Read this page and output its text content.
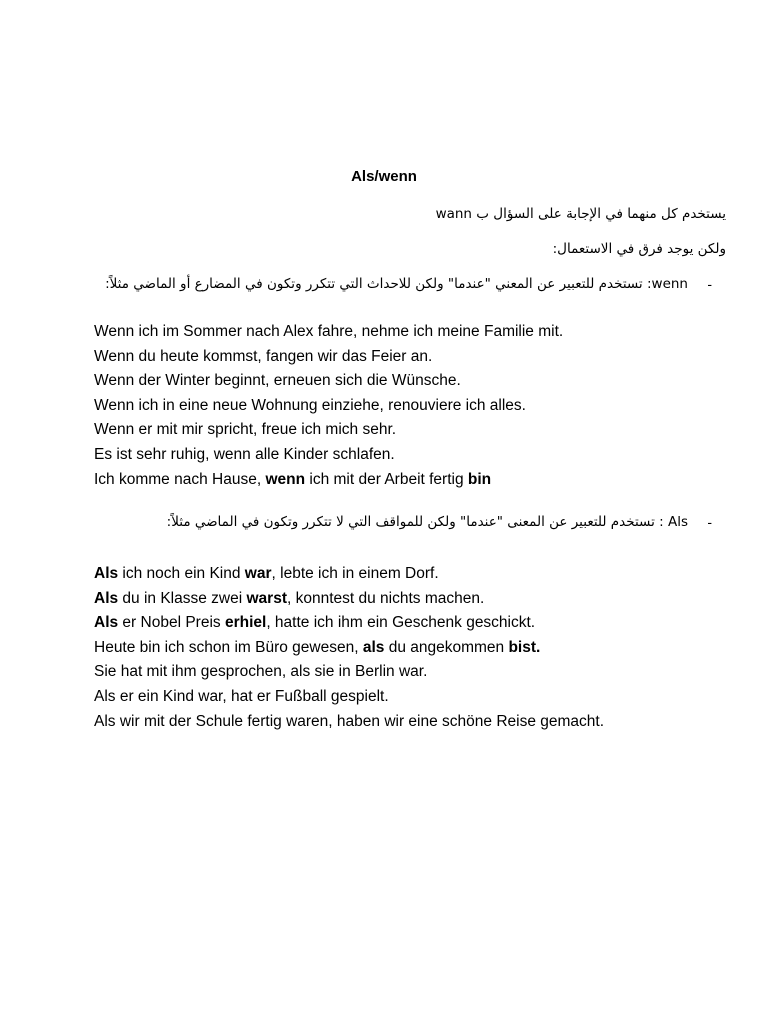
Als/wenn
يستخدم كل منهما في الإجابة على السؤال ب wann
ولكن يوجد فرق في الاستعمال:
-
wenn: تستخدم للتعبير عن المعني "عندما" ولكن للاحداث التي تتكرر وتكون في المضارع أو الماضي مثلاً:
Wenn ich im Sommer nach Alex fahre, nehme ich meine Familie mit.
Wenn du heute kommst, fangen wir das Feier an.
Wenn der Winter beginnt, erneuen sich die Wünsche.
Wenn ich in eine neue Wohnung einziehe, renouviere ich alles.
Wenn er mit mir spricht, freue ich mich sehr.
Es ist sehr ruhig, wenn alle Kinder schlafen.
Ich komme nach Hause, wenn ich mit der Arbeit fertig bin
-
Als : تستخدم للتعبير عن المعنى "عندما" ولكن للمواقف التي لا تتكرر وتكون في الماضي مثلاً:
Als ich noch ein Kind war, lebte ich in einem Dorf.
Als du in Klasse zwei warst, konntest du nichts machen.
Als er Nobel Preis erhiel, hatte ich ihm ein Geschenk geschickt.
Heute bin ich schon im Büro gewesen, als du angekommen bist.
Sie hat mit ihm gesprochen, als sie in Berlin war.
Als er ein Kind war, hat er Fußball gespielt.
Als wir mit der Schule fertig waren, haben wir eine schöne Reise gemacht.
